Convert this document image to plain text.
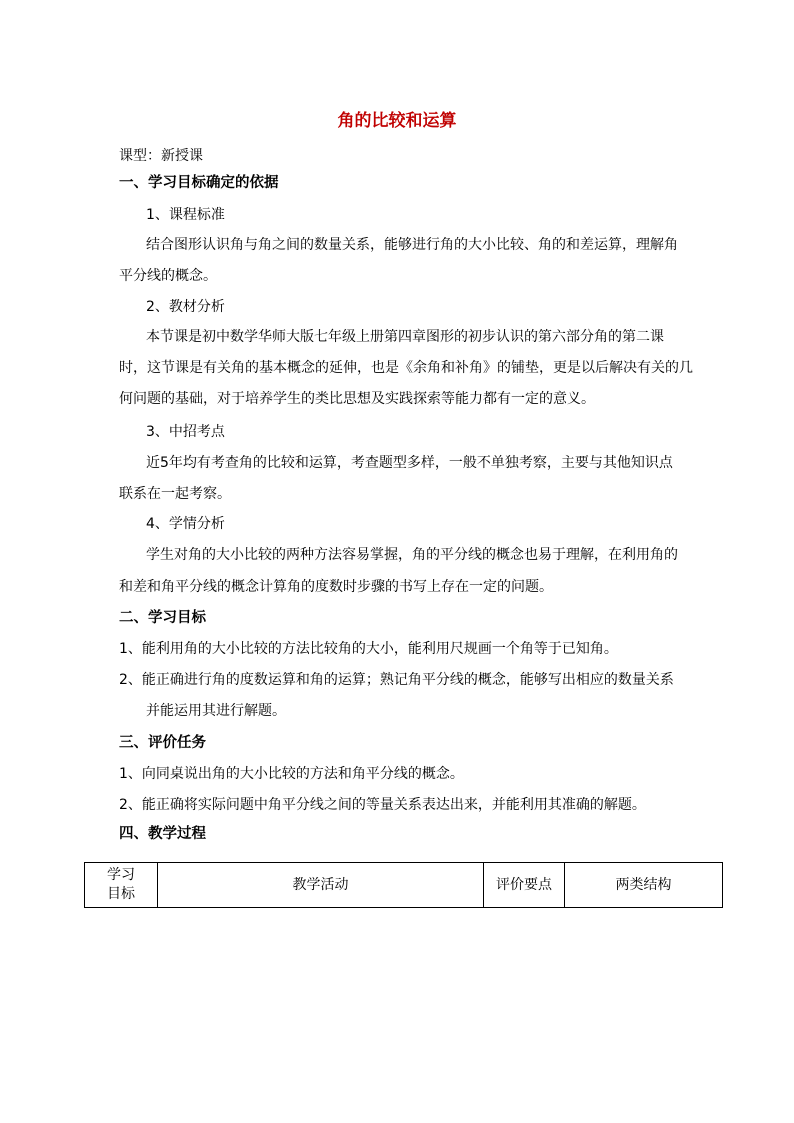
角的比较和运算
课型：新授课
一、学习目标确定的依据
1、课程标准
结合图形认识角与角之间的数量关系，能够进行角的大小比较、角的和差运算，理解角
平分线的概念。
2、教材分析
本节课是初中数学华师大版七年级上册第四章图形的初步认识的第六部分角的第二课
时，这节课是有关角的基本概念的延伸，也是《余角和补角》的铺垫，更是以后解决有关的几
何问题的基础，对于培养学生的类比思想及实践探索等能力都有一定的意义。
3、中招考点
近5年均有考查角的比较和运算，考查题型多样，一般不单独考察，主要与其他知识点
联系在一起考察。
4、学情分析
学生对角的大小比较的两种方法容易掌握，角的平分线的概念也易于理解，在利用角的
和差和角平分线的概念计算角的度数时步骤的书写上存在一定的问题。
二、学习目标
1、能利用角的大小比较的方法比较角的大小，能利用尺规画一个角等于已知角。
2、能正确进行角的度数运算和角的运算；熟记角平分线的概念，能够写出相应的数量关系
并能运用其进行解题。
三、评价任务
1、向同桌说出角的大小比较的方法和角平分线的概念。
2、能正确将实际问题中角平分线之间的等量关系表达出来，并能利用其准确的解题。
四、教学过程
学习
目标
	教学活动	评价要点	两类结构
